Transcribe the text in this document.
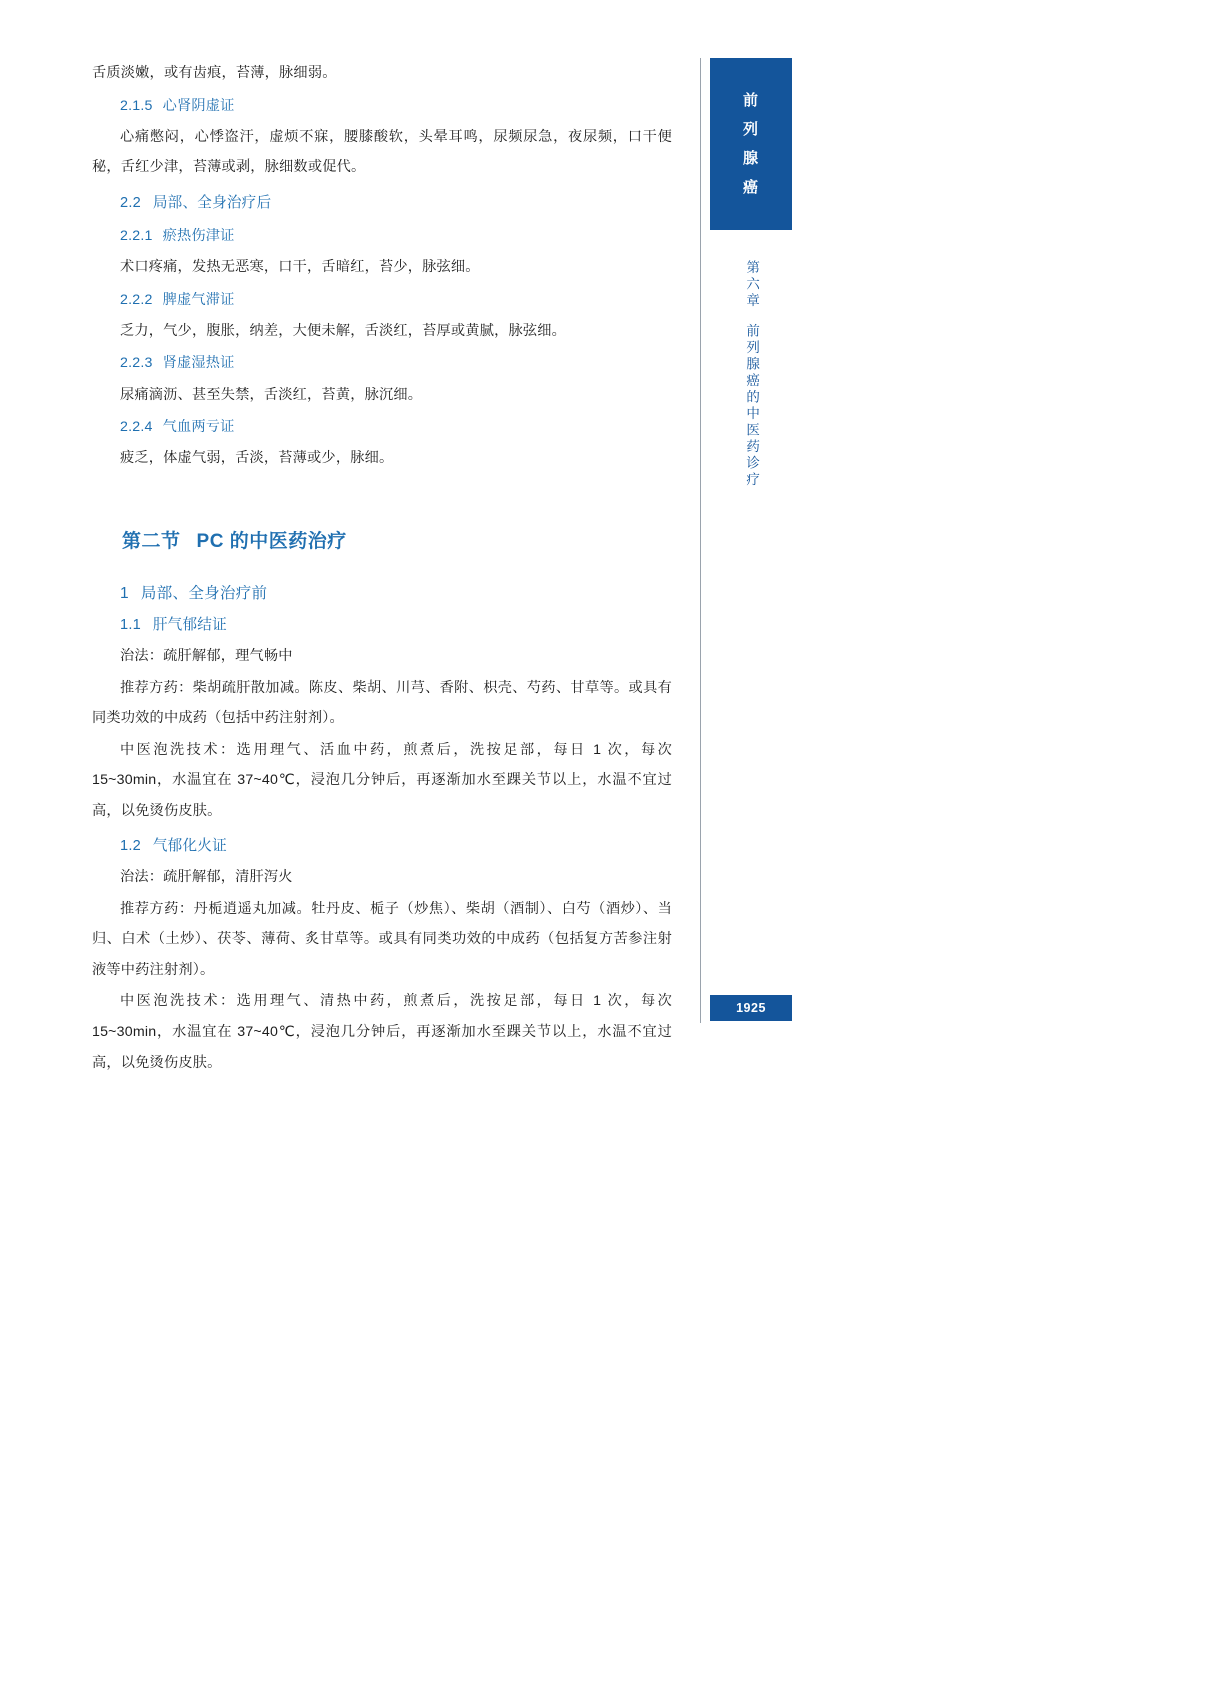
舌质淡嫩，或有齿痕，苔薄，脉细弱。

2.1.5 心肾阴虚证

心痛憋闷，心悸盗汗，虚烦不寐，腰膝酸软，头晕耳鸣，尿频尿急，夜尿频，口干便秘，舌红少津，苔薄或剥，脉细数或促代。

2.2 局部、全身治疗后
2.2.1 瘀热伤津证

术口疼痛，发热无恶寒，口干，舌暗红，苔少，脉弦细。

2.2.2 脾虚气滞证

乏力，气少，腹胀，纳差，大便未解，舌淡红，苔厚或黄腻，脉弦细。

2.2.3 肾虚湿热证

尿痛滴沥、甚至失禁，舌淡红，苔黄，脉沉细。

2.2.4 气血两亏证

疲乏，体虚气弱，舌淡，苔薄或少，脉细。

第二节 PC 的中医药治疗
1 局部、全身治疗前
1.1 肝气郁结证

治法：疏肝解郁，理气畅中

推荐方药：柴胡疏肝散加减。陈皮、柴胡、川芎、香附、枳壳、芍药、甘草等。或具有同类功效的中成药（包括中药注射剂）。

中医泡洗技术：选用理气、活血中药，煎煮后，洗按足部，每日 1 次，每次 15~30min，水温宜在 37~40℃，浸泡几分钟后，再逐渐加水至踝关节以上，水温不宜过高，以免烫伤皮肤。

1.2 气郁化火证

治法：疏肝解郁，清肝泻火

推荐方药：丹栀逍遥丸加减。牡丹皮、栀子（炒焦）、柴胡（酒制）、白芍（酒炒）、当归、白术（土炒）、茯苓、薄荷、炙甘草等。或具有同类功效的中成药（包括复方苦参注射液等中药注射剂）。

中医泡洗技术：选用理气、清热中药，煎煮后，洗按足部，每日 1 次，每次 15~30min，水温宜在 37~40℃，浸泡几分钟后，再逐渐加水至踝关节以上，水温不宜过高，以免烫伤皮肤。

前
列
腺
癌
第六章前列腺癌的中医药诊疗
1925
